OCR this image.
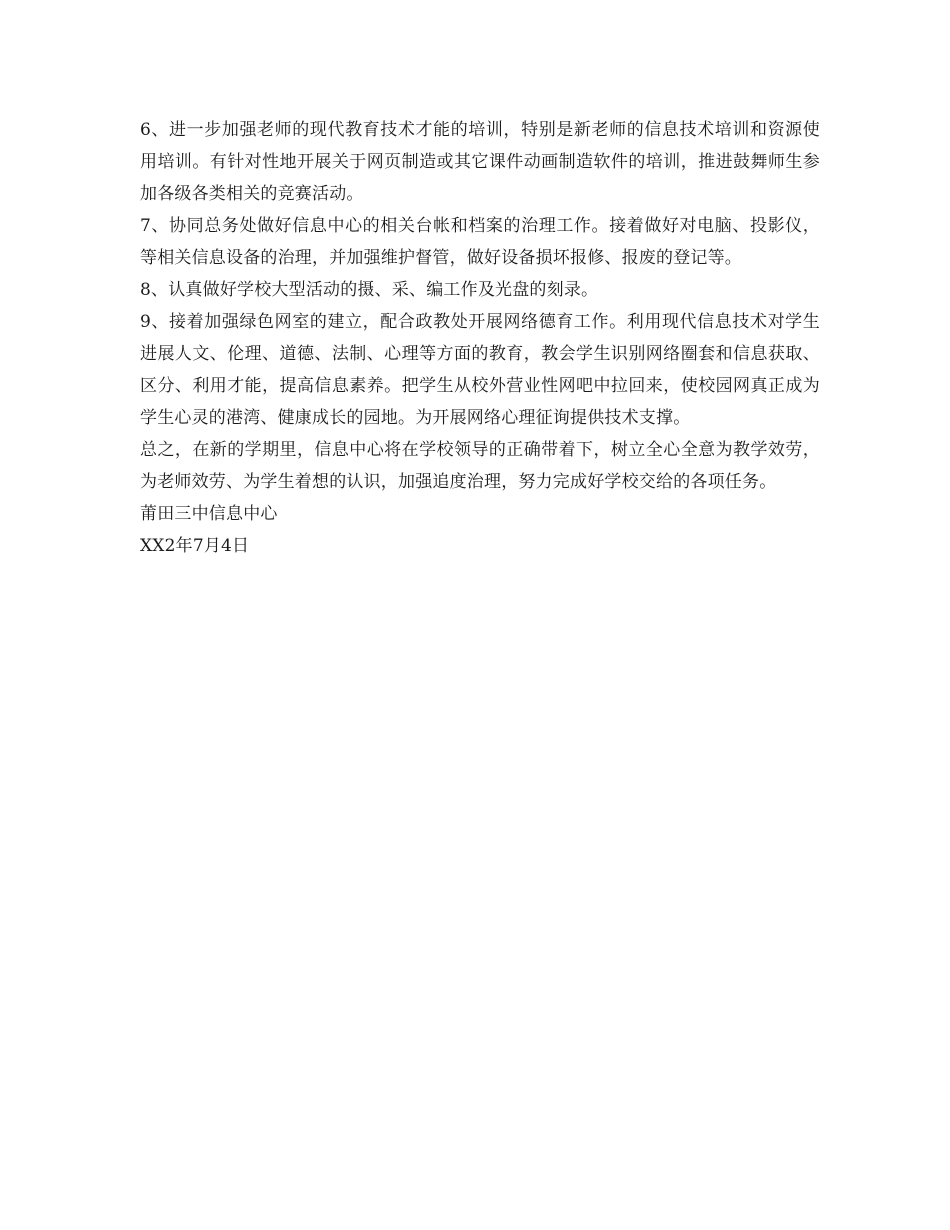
6、进一步加强老师的现代教育技术才能的培训，特别是新老师的信息技术培训和资源使用培训。有针对性地开展关于网页制造或其它课件动画制造软件的培训，推进鼓舞师生参加各级各类相关的竞赛活动。

7、协同总务处做好信息中心的相关台帐和档案的治理工作。接着做好对电脑、投影仪，等相关信息设备的治理，并加强维护督管，做好设备损坏报修、报废的登记等。

8、认真做好学校大型活动的摄、采、编工作及光盘的刻录。

9、接着加强绿色网室的建立，配合政教处开展网络德育工作。利用现代信息技术对学生进展人文、伦理、道德、法制、心理等方面的教育，教会学生识别网络圈套和信息获取、区分、利用才能，提高信息素养。把学生从校外营业性网吧中拉回来，使校园网真正成为学生心灵的港湾、健康成长的园地。为开展网络心理征询提供技术支撑。

总之，在新的学期里，信息中心将在学校领导的正确带着下，树立全心全意为教学效劳，为老师效劳、为学生着想的认识，加强追度治理，努力完成好学校交给的各项任务。

莆田三中信息中心

XX2年7月4日
